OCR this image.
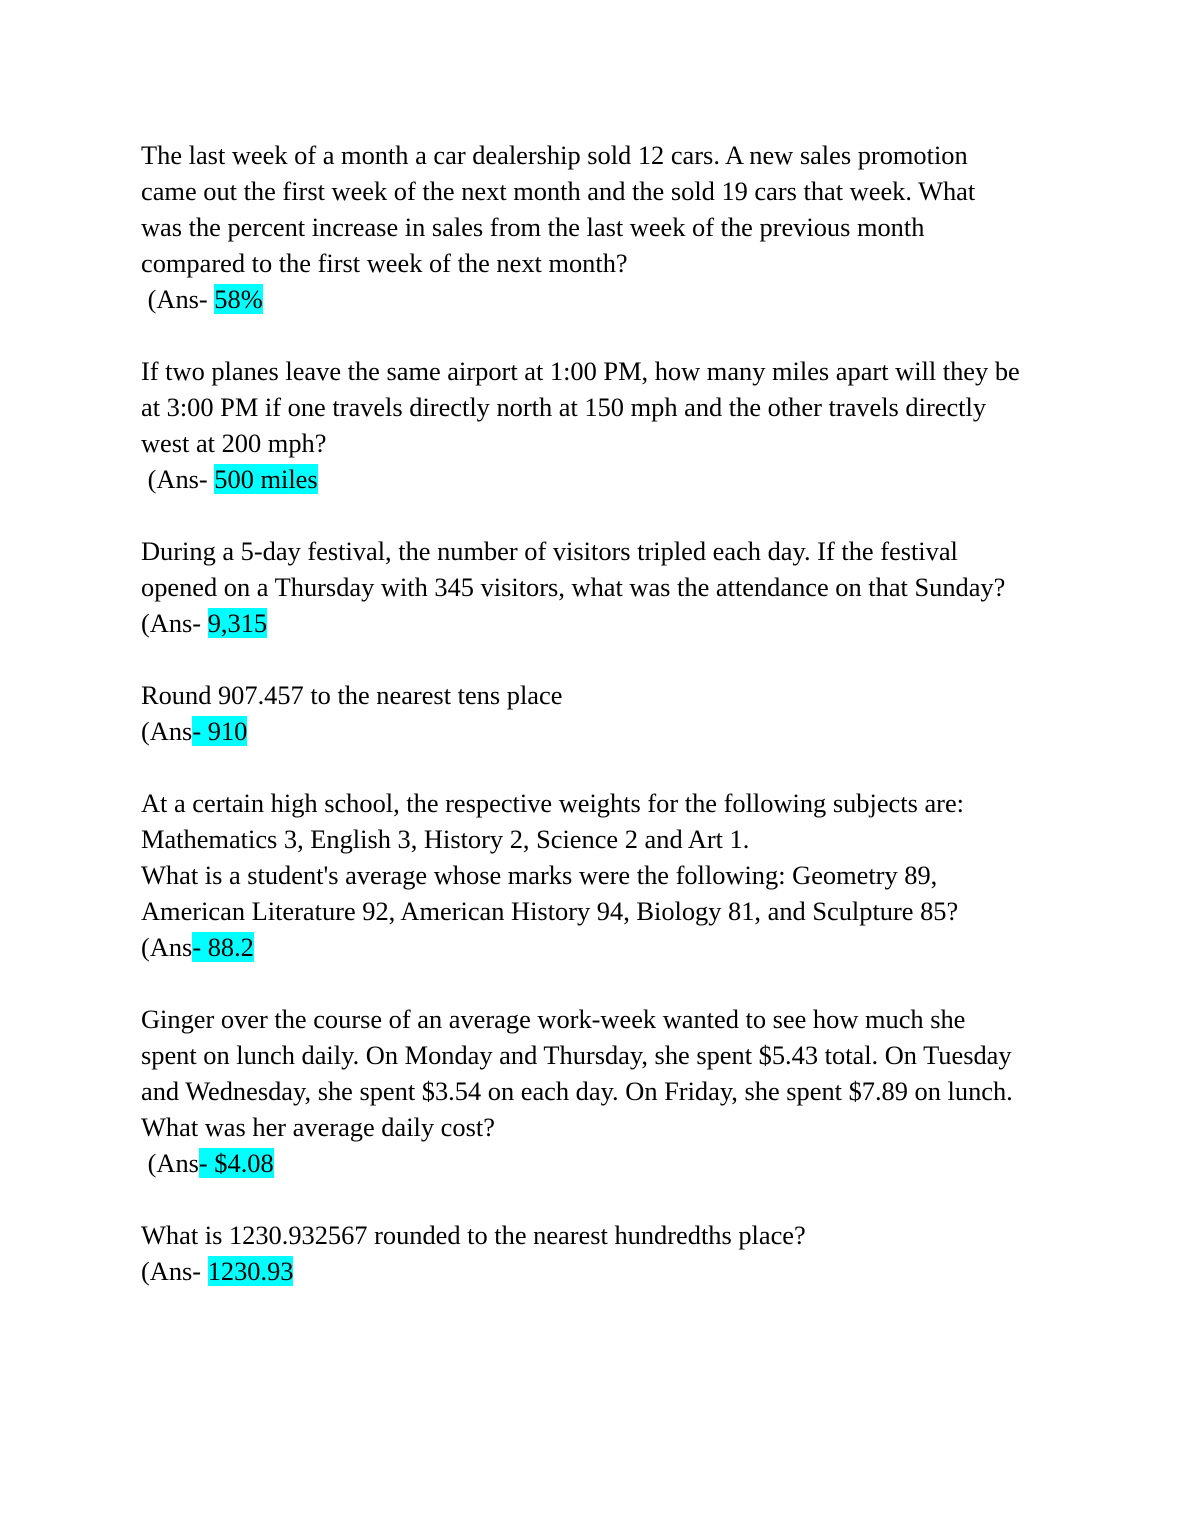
The last week of a month a car dealership sold 12 cars. A new sales promotion
came out the first week of the next month and the sold 19 cars that week. What
was the percent increase in sales from the last week of the previous month
compared to the first week of the next month?
(Ans- 58%
If two planes leave the same airport at 1:00 PM, how many miles apart will they be
at 3:00 PM if one travels directly north at 150 mph and the other travels directly
west at 200 mph?
(Ans- 500 miles
During a 5-day festival, the number of visitors tripled each day. If the festival
opened on a Thursday with 345 visitors, what was the attendance on that Sunday?
(Ans- 9,315
Round 907.457 to the nearest tens place
(Ans- 910
At a certain high school, the respective weights for the following subjects are:
Mathematics 3, English 3, History 2, Science 2 and Art 1.
What is a student's average whose marks were the following: Geometry 89,
American Literature 92, American History 94, Biology 81, and Sculpture 85?
(Ans- 88.2
Ginger over the course of an average work-week wanted to see how much she
spent on lunch daily. On Monday and Thursday, she spent $5.43 total. On Tuesday
and Wednesday, she spent $3.54 on each day. On Friday, she spent $7.89 on lunch.
What was her average daily cost?
(Ans- $4.08
What is 1230.932567 rounded to the nearest hundredths place?
(Ans- 1230.93
